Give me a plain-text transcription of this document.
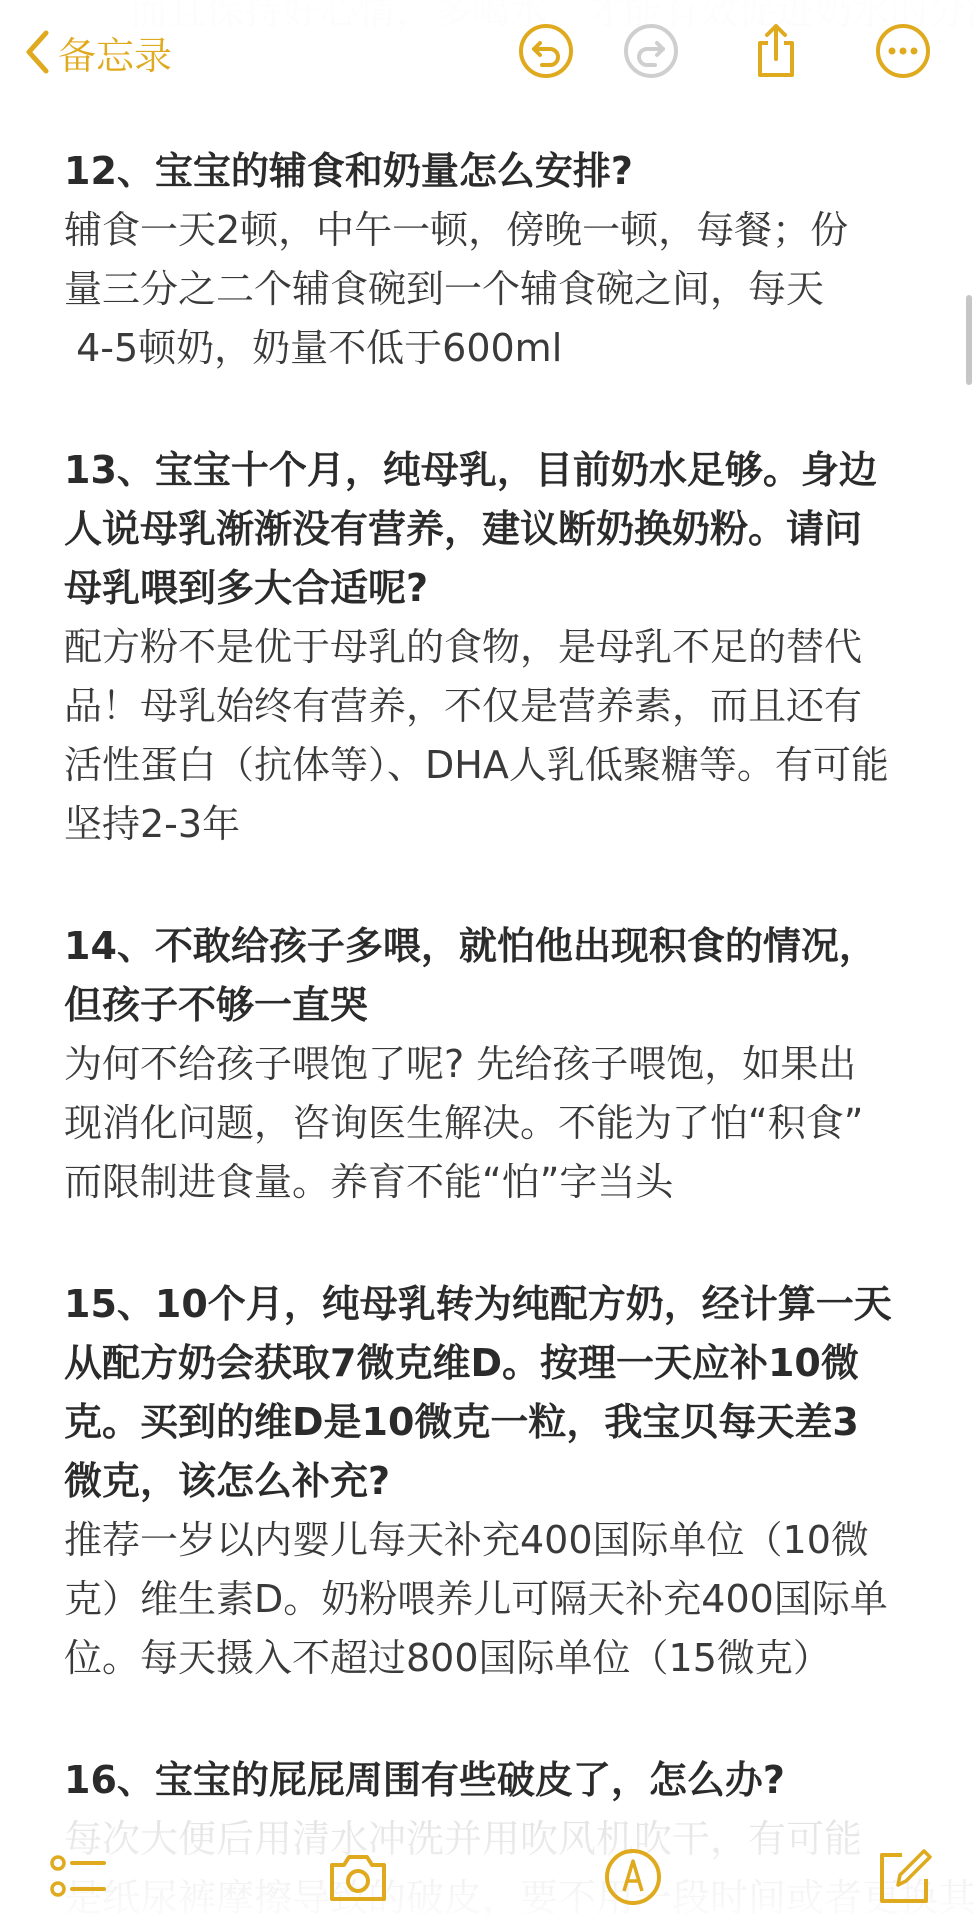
备忘录
12、宝宝的辅食和奶量怎么安排?
辅食一天2顿，中午一顿，傍晚一顿，每餐；份
量三分之二个辅食碗到一个辅食碗之间，每天
4-5顿奶，奶量不低于600ml
13、宝宝十个月，纯母乳，目前奶水足够。身边
人说母乳渐渐没有营养，建议断奶换奶粉。请问
母乳喂到多大合适呢?
配方粉不是优于母乳的食物，是母乳不足的替代
品！母乳始终有营养，不仅是营养素，而且还有
活性蛋白（抗体等）、DHA人乳低聚糖等。有可能
坚持2-3年
14、不敢给孩子多喂，就怕他出现积食的情况，
但孩子不够一直哭
为何不给孩子喂饱了呢? 先给孩子喂饱，如果出
现消化问题，咨询医生解决。不能为了怕“积食”
而限制进食量。养育不能“怕”字当头
15、10个月，纯母乳转为纯配方奶，经计算一天
从配方奶会获取7微克维D。按理一天应补10微
克。买到的维D是10微克一粒，我宝贝每天差3
微克，该怎么补充?
推荐一岁以内婴儿每天补充400国际单位（10微
克）维生素D。奶粉喂养儿可隔天补充400国际单
位。每天摄入不超过800国际单位（15微克）
16、宝宝的屁屁周围有些破皮了，怎么办?
